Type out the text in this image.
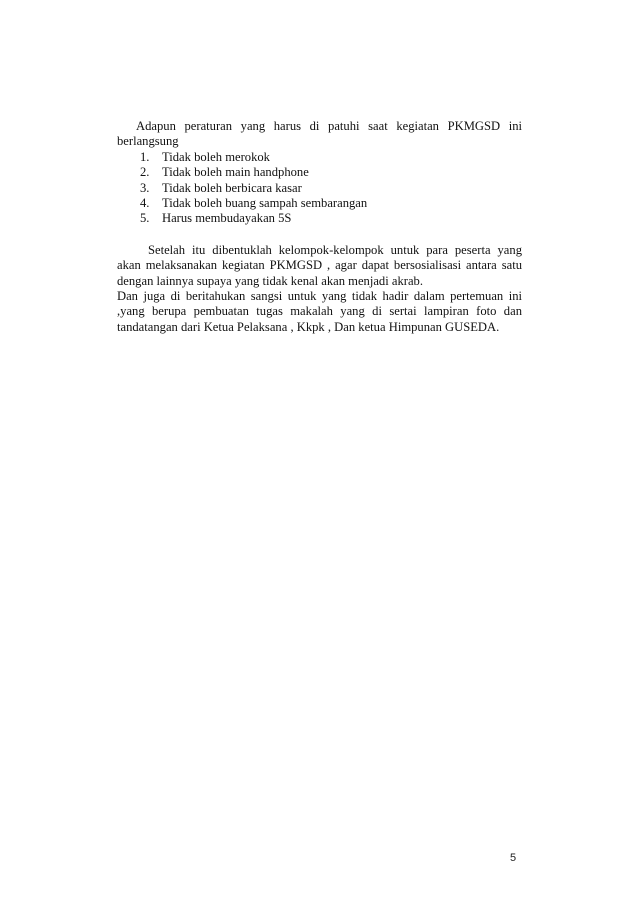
Adapun peraturan yang harus di patuhi saat kegiatan PKMGSD ini berlangsung

1. Tidak boleh merokok
2. Tidak boleh main handphone
3. Tidak boleh berbicara kasar
4. Tidak boleh buang sampah sembarangan
5. Harus membudayakan 5S

Setelah itu dibentuklah kelompok-kelompok untuk para peserta yang akan melaksanakan kegiatan PKMGSD , agar dapat bersosialisasi antara satu dengan lainnya supaya yang tidak kenal akan menjadi akrab.

Dan juga di beritahukan sangsi untuk yang tidak hadir dalam pertemuan ini ,yang berupa pembuatan tugas makalah yang di sertai lampiran foto dan tandatangan dari Ketua Pelaksana , Kkpk , Dan ketua Himpunan GUSEDA.

5
